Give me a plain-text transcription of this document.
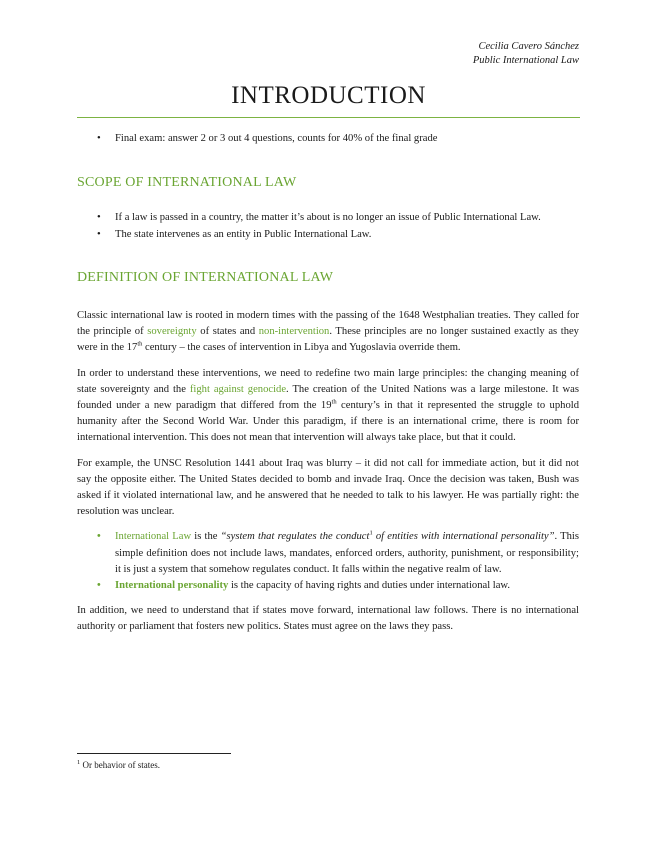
Cecilia Cavero Sánchez
Public International Law
INTRODUCTION
• Final exam: answer 2 or 3 out 4 questions, counts for 40% of the final grade
SCOPE OF INTERNATIONAL LAW
• If a law is passed in a country, the matter it’s about is no longer an issue of Public International Law.
• The state intervenes as an entity in Public International Law.
DEFINITION OF INTERNATIONAL LAW

Classic international law is rooted in modern times with the passing of the 1648 Westphalian treaties. They called for the principle of sovereignty of states and non-intervention. These principles are no longer sustained exactly as they were in the 17th century – the cases of intervention in Libya and Yugoslavia override them.

In order to understand these interventions, we need to redefine two main large principles: the changing meaning of state sovereignty and the fight against genocide. The creation of the United Nations was a large milestone. It was founded under a new paradigm that differed from the 19th century’s in that it represented the struggle to uphold humanity after the Second World War. Under this paradigm, if there is an international crime, there is room for international intervention. This does not mean that intervention will always take place, but that it could.

For example, the UNSC Resolution 1441 about Iraq was blurry – it did not call for immediate action, but it did not say the opposite either. The United States decided to bomb and invade Iraq. Once the decision was taken, Bush was asked if it violated international law, and he answered that he needed to talk to his lawyer. He was partially right: the resolution was unclear.

• International Law is the “system that regulates the conduct$^1$ of entities with international personality”. This simple definition does not include laws, mandates, enforced orders, authority, punishment, or responsibility; it is just a system that somehow regulates conduct. It falls within the negative realm of law.
• International personality is the capacity of having rights and duties under international law.

In addition, we need to understand that if states move forward, international law follows. There is no international authority or parliament that fosters new politics. States must agree on the laws they pass.

$^1$ Or behavior of states.
